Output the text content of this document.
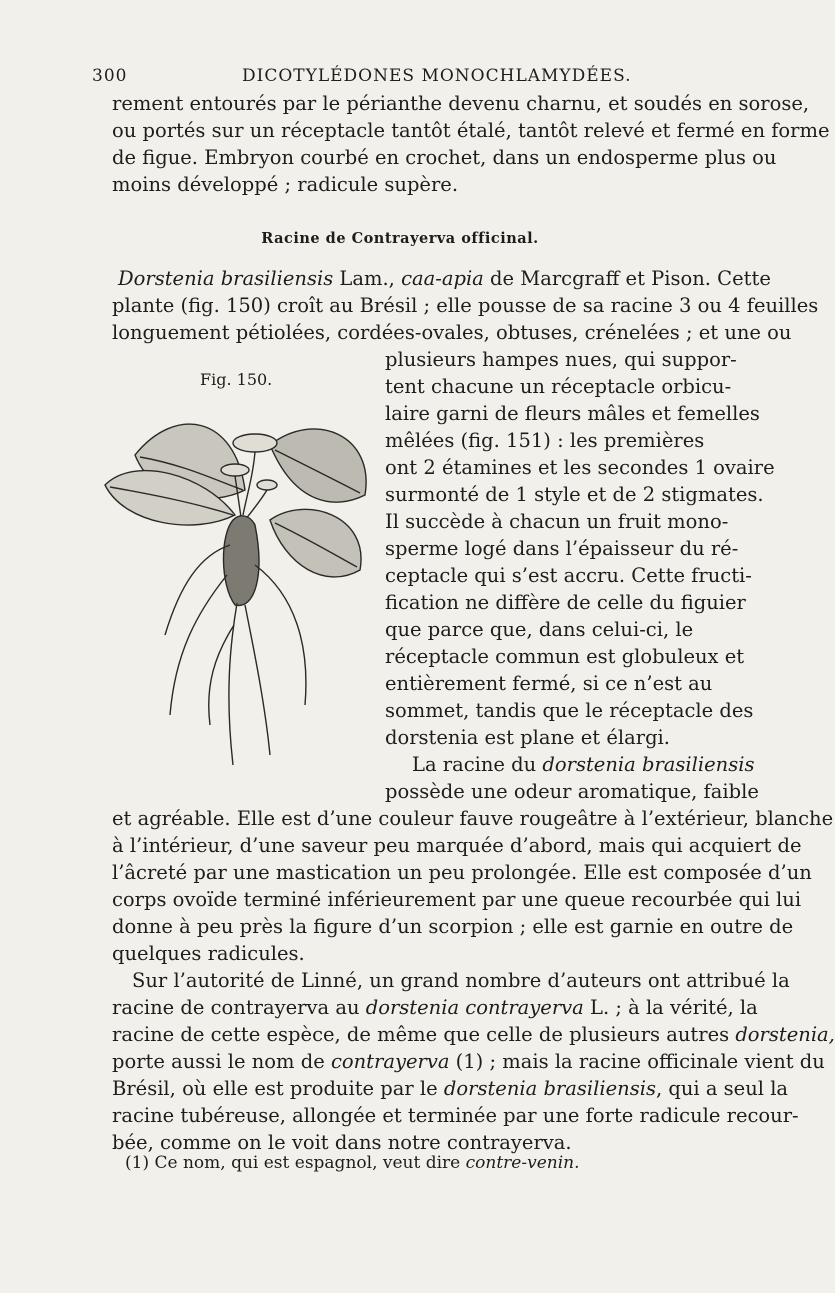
300	DICOTYLÉDONES MONOCHLAMYDÉES.
rement entourés par le périanthe devenu charnu, et soudés en sorose,
ou portés sur un réceptacle tantôt étalé, tantôt relevé et fermé en forme
de figue. Embryon courbé en crochet, dans un endosperme plus ou
moins développé ; radicule supère.
Racine de Contrayerva officinal.
Dorstenia brasiliensis Lam., caa-apia de Marcgraff et Pison. Cette
plante (fig. 150) croît au Brésil ; elle pousse de sa racine 3 ou 4 feuilles
longuement pétiolées, cordées-ovales, obtuses, crénelées ; et une ou
Fig. 150.
plusieurs hampes nues, qui suppor-
tent chacune un réceptacle orbicu-
laire garni de fleurs mâles et femelles
mêlées (fig. 151) : les premières
ont 2 étamines et les secondes 1 ovaire
surmonté de 1 style et de 2 stigmates.
Il succède à chacun un fruit mono-
sperme logé dans l’épaisseur du ré-
ceptacle qui s’est accru. Cette fructi-
fication ne diffère de celle du figuier
que parce que, dans celui-ci, le
réceptacle commun est globuleux et
entièrement fermé, si ce n’est au
sommet, tandis que le réceptacle des
dorstenia est plane et élargi.
La racine du dorstenia brasiliensis
possède une odeur aromatique, faible
et agréable. Elle est d’une couleur fauve rougeâtre à l’extérieur, blanche
à l’intérieur, d’une saveur peu marquée d’abord, mais qui acquiert de
l’âcreté par une mastication un peu prolongée. Elle est composée d’un
corps ovoïde terminé inférieurement par une queue recourbée qui lui
donne à peu près la figure d’un scorpion ; elle est garnie en outre de
quelques radicules.
Sur l’autorité de Linné, un grand nombre d’auteurs ont attribué la
racine de contrayerva au dorstenia contrayerva L. ; à la vérité, la
racine de cette espèce, de même que celle de plusieurs autres dorstenia,
porte aussi le nom de contrayerva (1) ; mais la racine officinale vient du
Brésil, où elle est produite par le dorstenia brasiliensis, qui a seul la
racine tubéreuse, allongée et terminée par une forte radicule recour-
bée, comme on le voit dans notre contrayerva.
(1) Ce nom, qui est espagnol, veut dire contre-venin.
